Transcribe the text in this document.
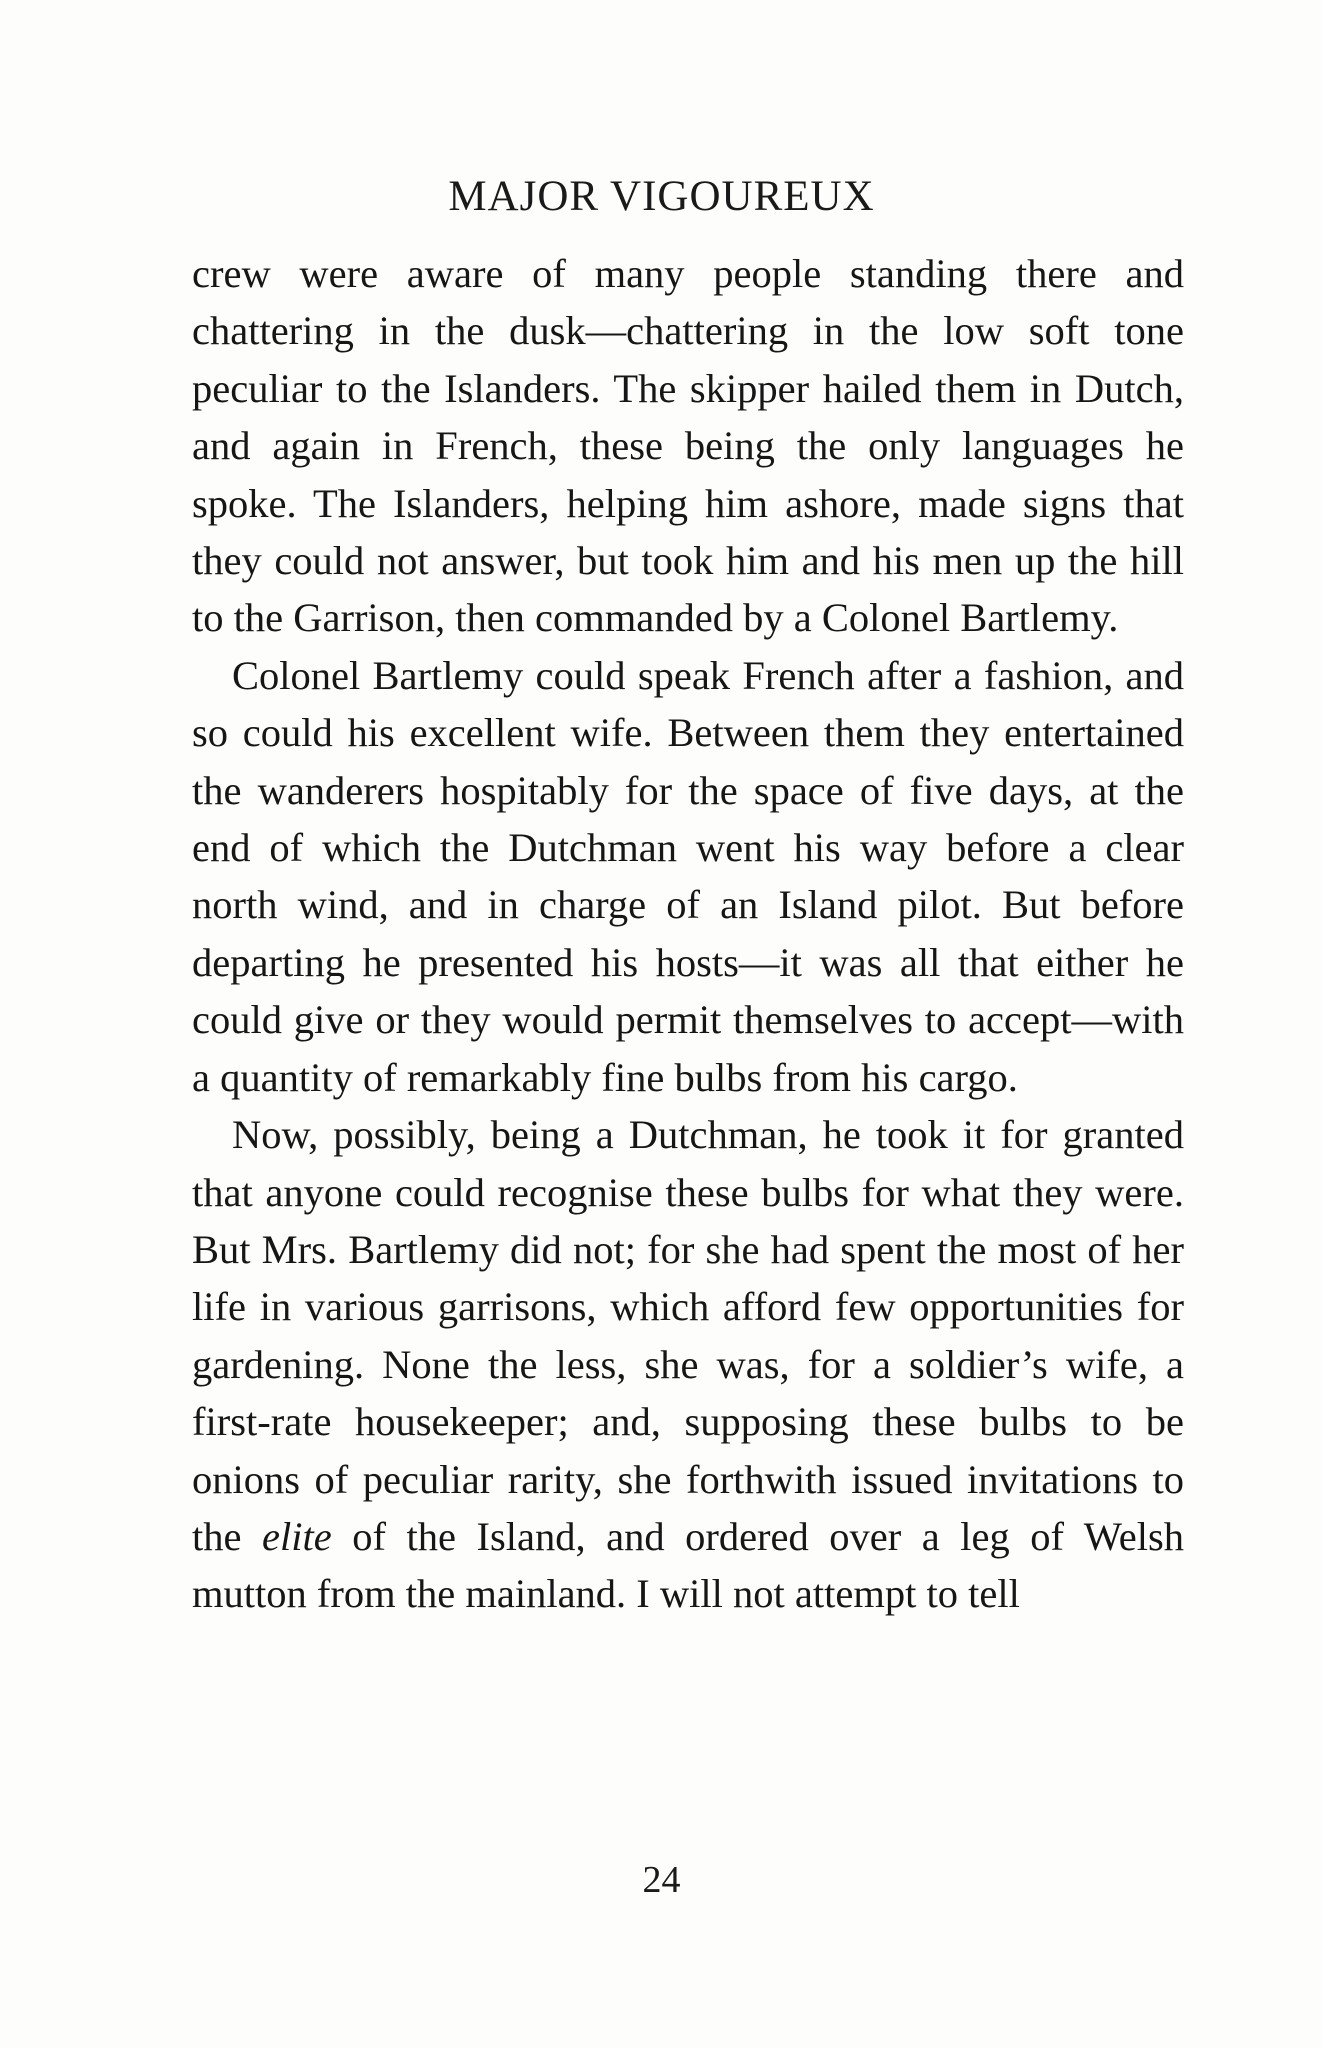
MAJOR VIGOUREUX

crew were aware of many people standing there and chattering in the dusk—chattering in the low soft tone peculiar to the Islanders. The skipper hailed them in Dutch, and again in French, these being the only languages he spoke. The Islanders, helping him ashore, made signs that they could not answer, but took him and his men up the hill to the Garrison, then commanded by a Colonel Bartlemy.

Colonel Bartlemy could speak French after a fashion, and so could his excellent wife. Between them they entertained the wanderers hospitably for the space of five days, at the end of which the Dutchman went his way before a clear north wind, and in charge of an Island pilot. But before departing he presented his hosts—it was all that either he could give or they would permit themselves to accept—with a quantity of remarkably fine bulbs from his cargo.

Now, possibly, being a Dutchman, he took it for granted that anyone could recognise these bulbs for what they were. But Mrs. Bartlemy did not; for she had spent the most of her life in various garrisons, which afford few opportunities for gardening. None the less, she was, for a soldier’s wife, a first-rate housekeeper; and, supposing these bulbs to be onions of peculiar rarity, she forthwith issued invitations to the elite of the Island, and ordered over a leg of Welsh mutton from the mainland. I will not attempt to tell

24
